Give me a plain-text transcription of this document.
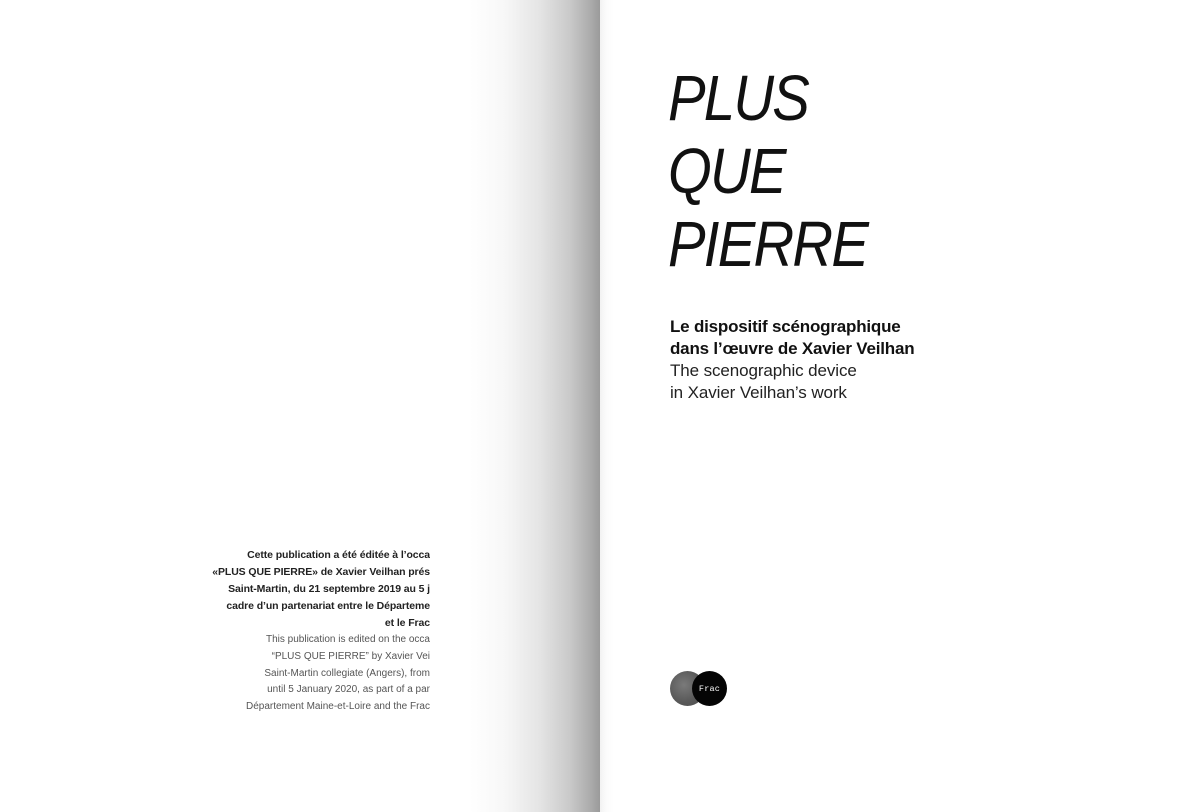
Cette publication a été éditée à l’occa
«PLUS QUE PIERRE» de Xavier Veilhan prés
Saint-Martin, du 21 septembre 2019 au 5 j
cadre d’un partenariat entre le Départeme
et le Frac
This publication is edited on the occa
“PLUS QUE PIERRE” by Xavier Vei
Saint-Martin collegiate (Angers), from
until 5 January 2020, as part of a par
Département Maine-et-Loire and the Frac
PLUS
QUE
PIERRE
Le dispositif scénographique
dans l’œuvre de Xavier Veilhan
The scenographic device
in Xavier Veilhan’s work
Frac
